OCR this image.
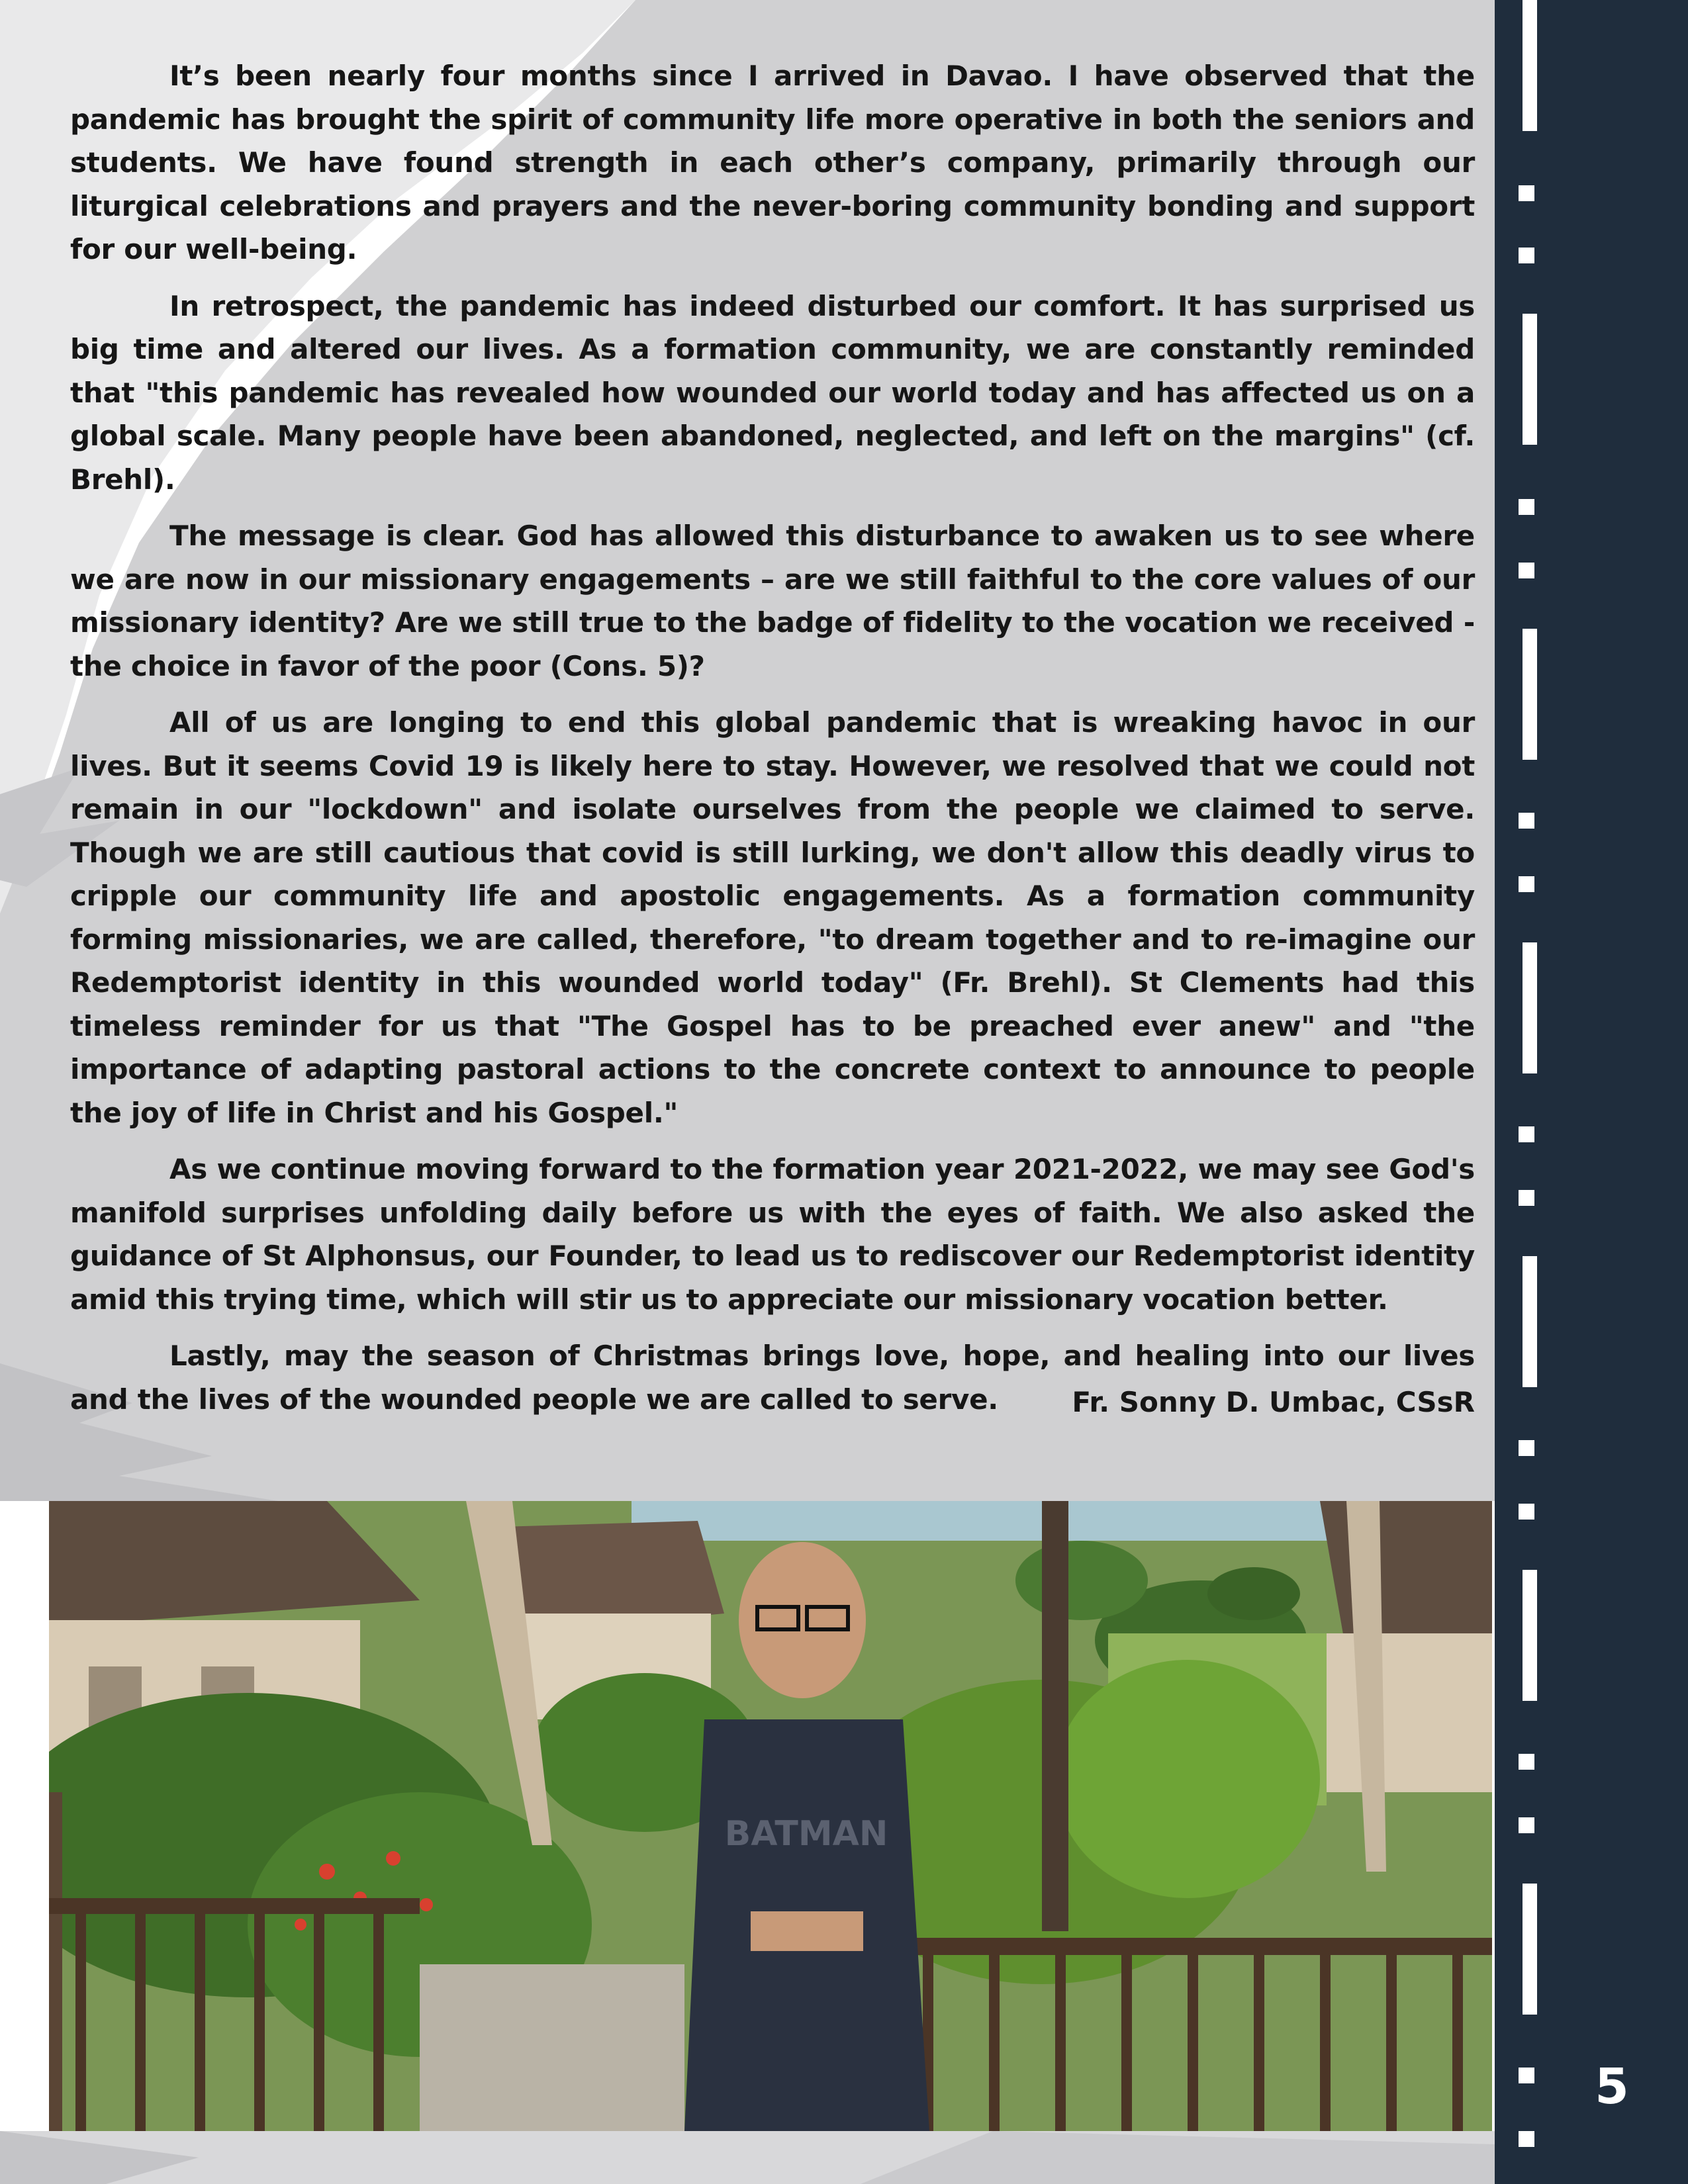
5

It’s been nearly four months since I arrived in Davao. I have observed that the pandemic has brought the spirit of community life more operative in both the seniors and students. We have found strength in each other’s company, primarily through our liturgical celebrations and prayers and the never-boring community bonding and support for our well-being.

In retrospect, the pandemic has indeed disturbed our comfort. It has surprised us big time and altered our lives. As a formation community, we are constantly reminded that "this pandemic has revealed how wounded our world today and has affected us on a global scale. Many people have been abandoned, neglected, and left on the margins" (cf. Brehl).

The message is clear. God has allowed this disturbance to awaken us to see where we are now in our missionary engagements – are we still faithful to the core values of our missionary identity? Are we still true to the badge of fidelity to the vocation we received - the choice in favor of the poor (Cons. 5)?

All of us are longing to end this global pandemic that is wreaking havoc in our lives. But it seems Covid 19 is likely here to stay. However, we resolved that we could not remain in our "lockdown" and isolate ourselves from the people we claimed to serve. Though we are still cautious that covid is still lurking, we don't allow this deadly virus to cripple our community life and apostolic engagements. As a formation community forming missionaries, we are called, therefore, "to dream together and to re-imagine our Redemptorist identity in this wounded world today" (Fr. Brehl). St Clements had this timeless reminder for us that "The Gospel has to be preached ever anew" and "the importance of adapting pastoral actions to the concrete context to announce to people the joy of life in Christ and his Gospel."

As we continue moving forward to the formation year 2021-2022, we may see God's manifold surprises unfolding daily before us with the eyes of faith. We also asked the guidance of St Alphonsus, our Founder, to lead us to rediscover our Redemptorist identity amid this trying time, which will stir us to appreciate our missionary vocation better.

Lastly, may the season of Christmas brings love, hope, and healing into our lives and the lives of the wounded people we are called to serve.	Fr. Sonny D. Umbac, CSsR
BATMAN
